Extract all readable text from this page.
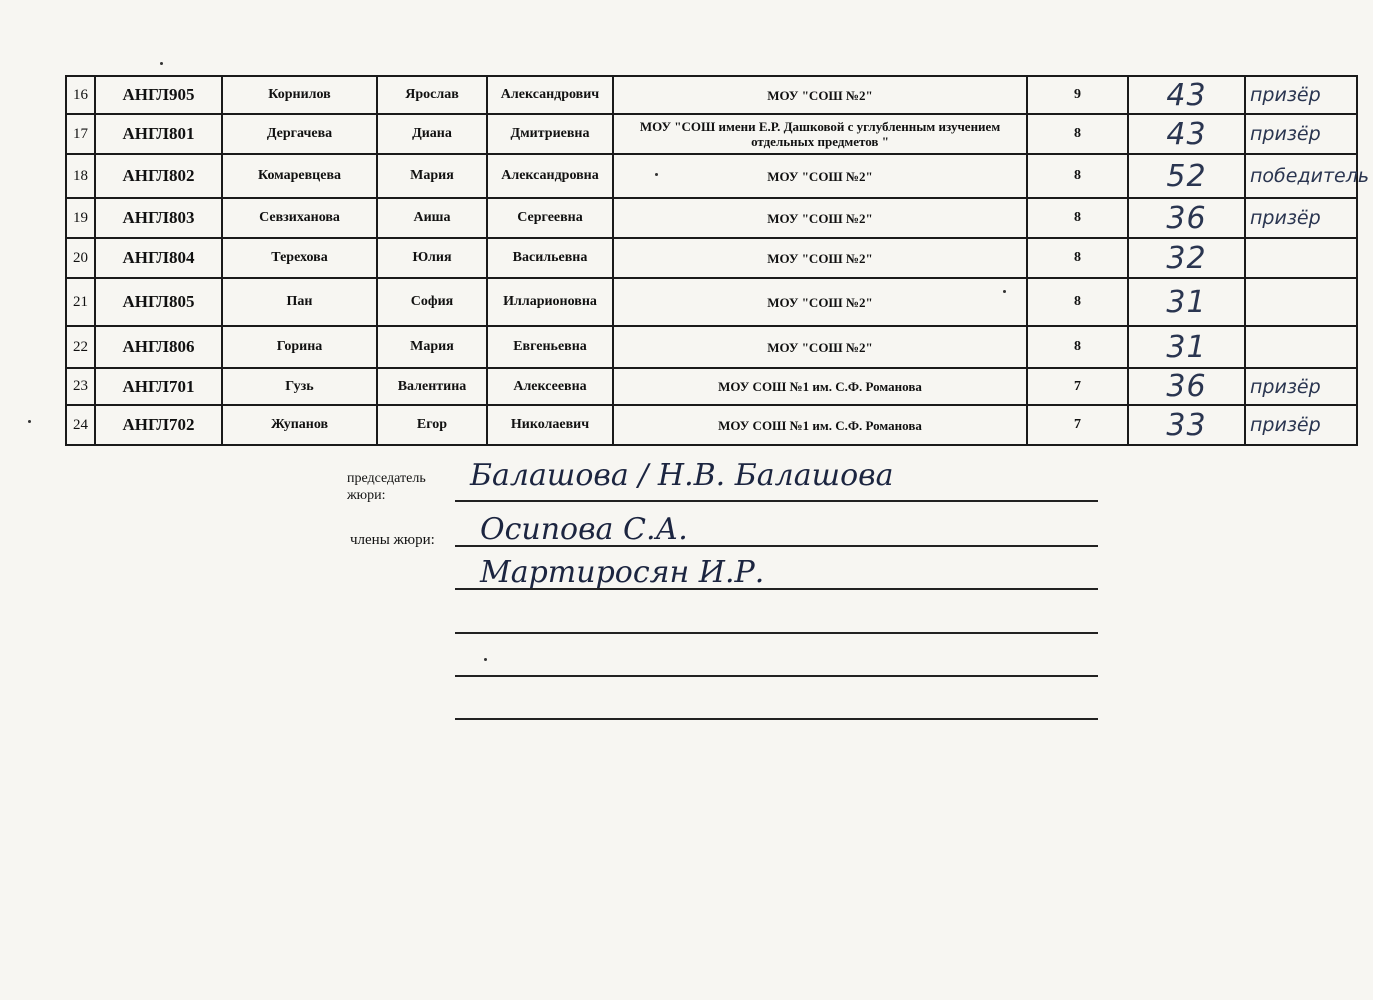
16	АНГЛ905	Корнилов	Ярослав	Александрович	МОУ "СОШ №2"	9	43	призёр
17	АНГЛ801	Дергачева	Диана	Дмитриевна	МОУ "СОШ имени Е.Р. Дашковой с углубленным изучением отдельных предметов "	8	43	призёр
18	АНГЛ802	Комаревцева	Мария	Александровна	МОУ "СОШ №2"	8	52	победитель
19	АНГЛ803	Севзиханова	Аиша	Сергеевна	МОУ "СОШ №2"	8	36	призёр
20	АНГЛ804	Терехова	Юлия	Васильевна	МОУ "СОШ №2"	8	32	
21	АНГЛ805	Пан	София	Илларионовна	МОУ "СОШ №2"	8	31	
22	АНГЛ806	Горина	Мария	Евгеньевна	МОУ "СОШ №2"	8	31	
23	АНГЛ701	Гузь	Валентина	Алексеевна	МОУ СОШ №1 им. С.Ф. Романова	7	36	призёр
24	АНГЛ702	Жупанов	Егор	Николаевич	МОУ СОШ №1 им. С.Ф. Романова	7	33	призёр
председатель
жюри:
члены жюри:
Балашова / Н.В. Балашова
Осипова С.А.
Мартиросян И.Р.
